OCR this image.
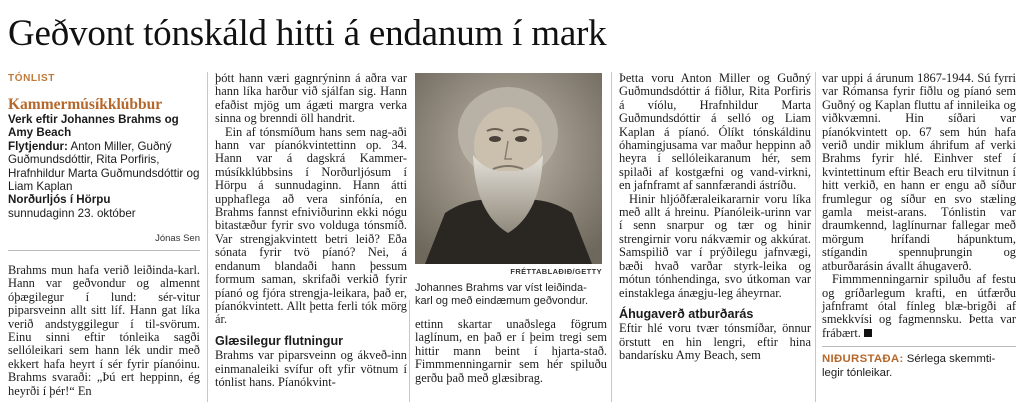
Geðvont tónskáld hitti á endanum í mark
TÓNLIST
Kammermúsíkklúbbur
Verk eftir Johannes Brahms og Amy Beach
Flytjendur: Anton Miller, Guðný Guðmundsdóttir, Rita Porfiris, Hrafnhildur Marta Guðmundsdóttir og Liam Kaplan
Norðurljós í Hörpu
sunnudaginn 23. október
Jónas Sen

Brahms mun hafa verið leiðinda-karl. Hann var geðvondur og almennt óþægilegur í lund: sér-vitur piparsveinn allt sitt líf. Hann gat líka verið andstyggilegur í til-svörum. Einu sinni eftir tónleika sagði sellóleikari sem hann lék undir með ekkert hafa heyrt í sér fyrir píanóinu. Brahms svaraði: „Þú ert heppinn, ég heyrði í þér!“ En

þótt hann væri gagnrýninn á aðra var hann líka harður við sjálfan sig. Hann efaðist mjög um ágæti margra verka sinna og brenndi öll handrit.

Ein af tónsmíðum hans sem nag-aði hann var píanókvintettinn op. 34. Hann var á dagskrá Kammer-músíkklúbbsins í Norðurljósum í Hörpu á sunnudaginn. Hann átti upphaflega að vera sinfónía, en Brahms fannst efniviðurinn ekki nógu bitastæður fyrir svo volduga tónsmíð. Var strengjakvintett betri leið? Eða sónata fyrir tvö píanó? Nei, á endanum blandaði hann þessum formum saman, skrifaði verkið fyrir píanó og fjóra strengja-leikara, það er, píanókvintett. Allt þetta ferli tók mörg ár.

Glæsilegur flutningur

Brahms var piparsveinn og ákveð-inn einmanaleiki svífur oft yfir vötnum í tónlist hans. Píanókvint-

FRÉTTABLAÐIÐ/GETTY
Johannes Brahms var víst leiðinda-karl og með eindæmum geðvondur.

ettinn skartar unaðslega fögrum laglínum, en það er í þeim tregi sem hittir mann beint í hjarta-stað. Fimmmenningarnir sem hér spiluðu gerðu það með glæsibrag.

Þetta voru Anton Miller og Guðný Guðmundsdóttir á fiðlur, Rita Porfiris á víólu, Hrafnhildur Marta Guðmundsdóttir á selló og Liam Kaplan á píanó. Ólíkt tónskáldinu óhamingjusama var maður heppinn að heyra í sellóleikaranum hér, sem spilaði af kostgæfni og vand-virkni, en jafnframt af sannfærandi ástríðu.

Hinir hljóðfæraleikararnir voru líka með allt á hreinu. Píanóleik-urinn var í senn snarpur og tær og hinir strengirnir voru nákvæmir og akkúrat. Samspilið var í prýðilegu jafnvægi, bæði hvað varðar styrk-leika og mótun tónhendinga, svo útkoman var einstaklega ánægju-leg áheyrnar.

Áhugaverð atburðarás

Eftir hlé voru tvær tónsmíðar, önnur örstutt en hin lengri, eftir hina bandarísku Amy Beach, sem

var uppi á árunum 1867-1944. Sú fyrri var Rómansa fyrir fiðlu og píanó sem Guðný og Kaplan fluttu af innileika og viðkvæmni. Hin síðari var píanókvintett op. 67 sem hún hafa verið undir miklum áhrifum af verki Brahms fyrir hlé. Einhver stef í kvintettinum eftir Beach eru tilvitnun í hitt verkið, en hann er engu að síður frumlegur og síður en svo stæling gamla meist-arans. Tónlistin var draumkennd, laglínurnar fallegar með mörgum hrífandi hápunktum, stígandin spennuþrungin og atburðarásin ávallt áhugaverð.

Fimmmenningarnir spiluðu af festu og gríðarlegum krafti, en útfærðu jafnframt ótal fínleg blæ-brigði af smekkvísi og fagmennsku. Þetta var frábært.

NIÐURSTAÐA: Sérlega skemmti-legir tónleikar.
